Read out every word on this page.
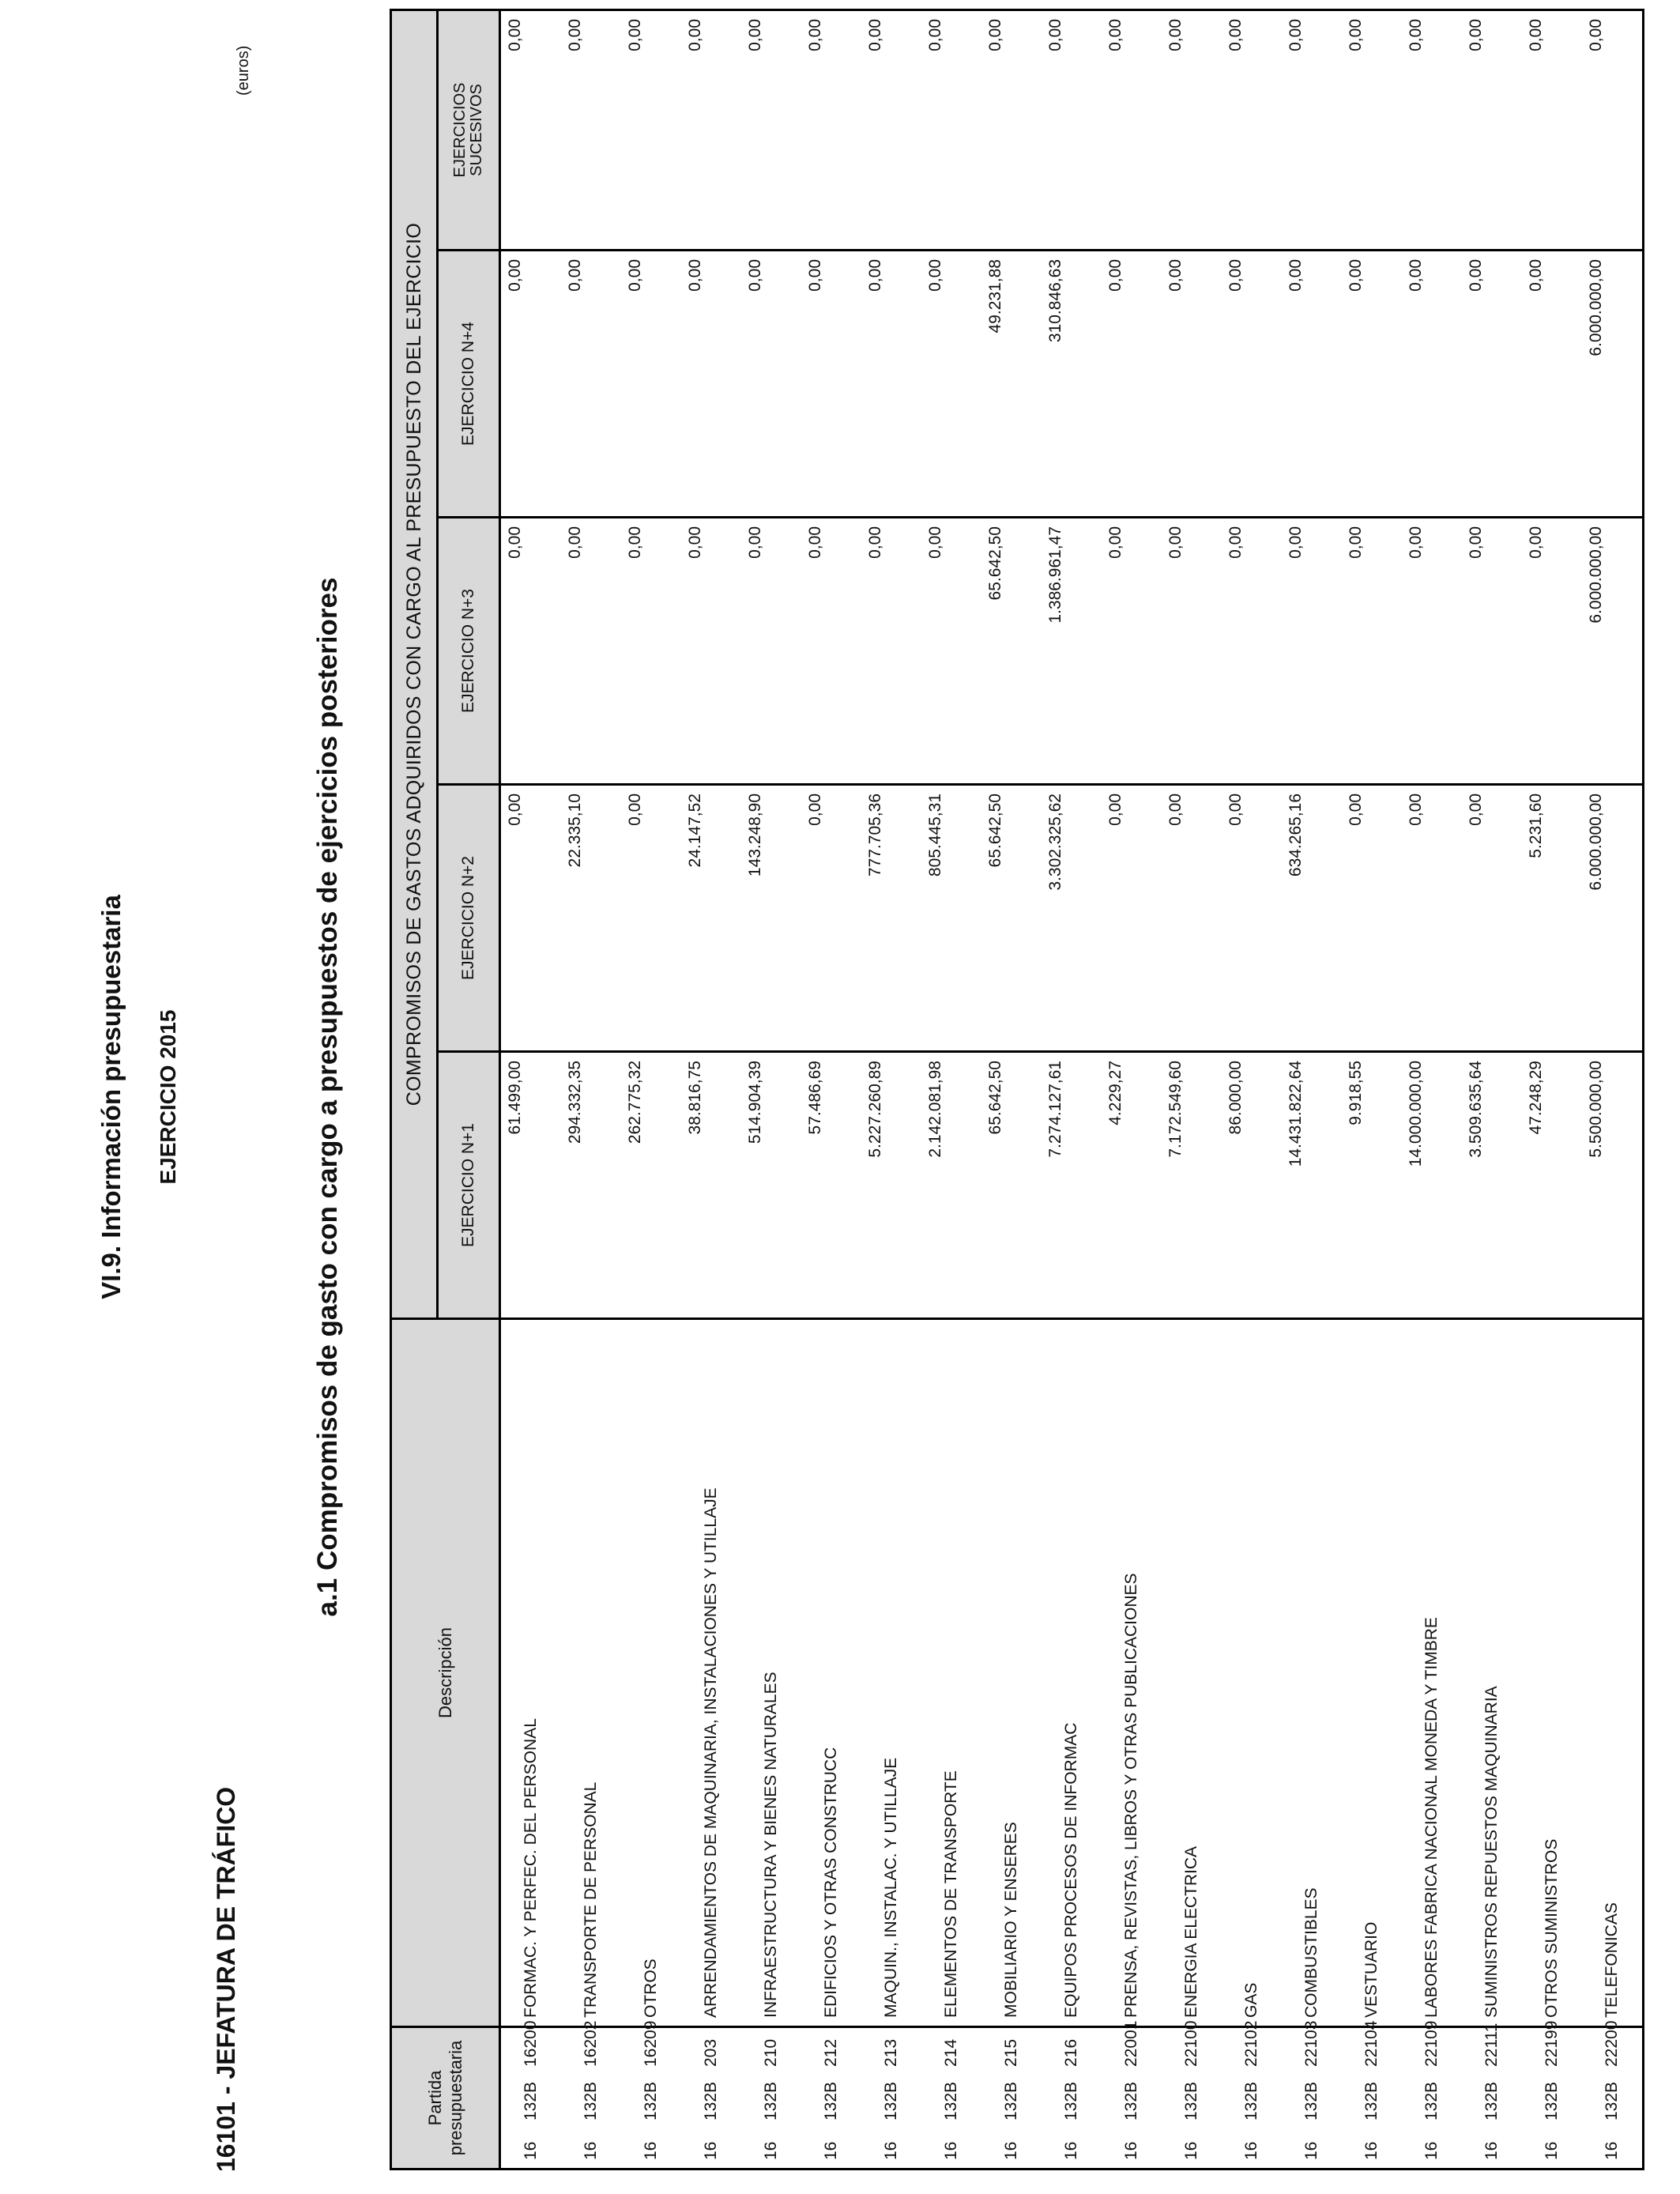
VI.9. Información presupuestaria EJERCICIO 2015
16101 - JEFATURA DE TRÁFICO
(euros)
a.1 Compromisos de gasto con cargo a presupuestos de ejercicios posteriores
Partida presupuestaria	Descripción	COMPROMISOS DE GASTOS ADQUIRIDOS CON CARGO AL PRESUPUESTO DEL EJERCICIO				
		EJERCICIO N+1	EJERCICIO N+2	EJERCICIO N+3	EJERCICIO N+4	EJERCICIOS
SUCESIVOS
16132B16200	FORMAC. Y PERFEC. DEL PERSONAL	61.499,00	0,00	0,00	0,00	0,00
16132B16202	TRANSPORTE DE PERSONAL	294.332,35	22.335,10	0,00	0,00	0,00
16132B16209	OTROS	262.775,32	0,00	0,00	0,00	0,00
16132B203	ARRENDAMIENTOS DE MAQUINARIA, INSTALACIONES Y UTILLAJE	38.816,75	24.147,52	0,00	0,00	0,00
16132B210	INFRAESTRUCTURA Y BIENES NATURALES	514.904,39	143.248,90	0,00	0,00	0,00
16132B212	EDIFICIOS Y OTRAS CONSTRUCC	57.486,69	0,00	0,00	0,00	0,00
16132B213	MAQUIN., INSTALAC. Y UTILLAJE	5.227.260,89	777.705,36	0,00	0,00	0,00
16132B214	ELEMENTOS DE TRANSPORTE	2.142.081,98	805.445,31	0,00	0,00	0,00
16132B215	MOBILIARIO Y ENSERES	65.642,50	65.642,50	65.642,50	49.231,88	0,00
16132B216	EQUIPOS PROCESOS DE INFORMAC	7.274.127,61	3.302.325,62	1.386.961,47	310.846,63	0,00
16132B22001	PRENSA, REVISTAS, LIBROS Y OTRAS PUBLICACIONES	4.229,27	0,00	0,00	0,00	0,00
16132B22100	ENERGIA ELECTRICA	7.172.549,60	0,00	0,00	0,00	0,00
16132B22102	GAS	86.000,00	0,00	0,00	0,00	0,00
16132B22103	COMBUSTIBLES	14.431.822,64	634.265,16	0,00	0,00	0,00
16132B22104	VESTUARIO	9.918,55	0,00	0,00	0,00	0,00
16132B22109	LABORES FABRICA NACIONAL MONEDA Y TIMBRE	14.000.000,00	0,00	0,00	0,00	0,00
16132B22111	SUMINISTROS REPUESTOS MAQUINARIA	3.509.635,64	0,00	0,00	0,00	0,00
16132B22199	OTROS SUMINISTROS	47.248,29	5.231,60	0,00	0,00	0,00
16132B22200	TELEFONICAS	5.500.000,00	6.000.000,00	6.000.000,00	6.000.000,00	0,00
